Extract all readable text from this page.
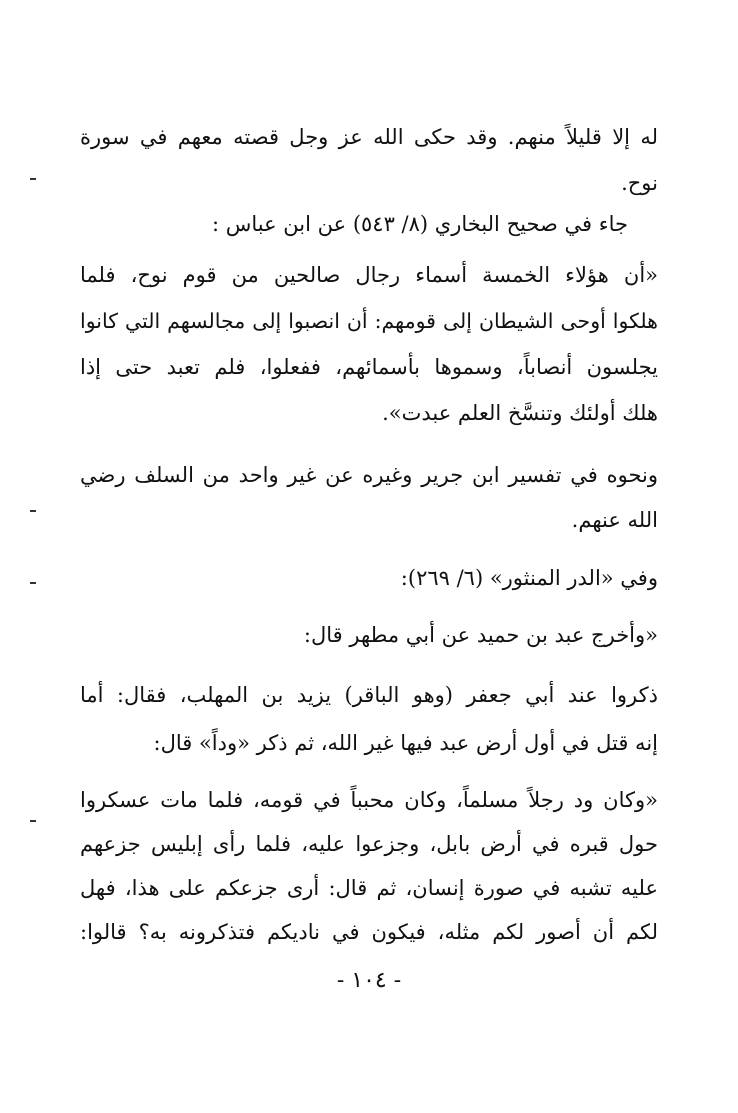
له إلا قليلاً منهم. وقد حكى الله عز وجل قصته معهم في سورة
نوح.
جاء في صحيح البخاري (٨/ ٥٤٣) عن ابن عباس :
«أن هؤلاء الخمسة أسماء رجال صالحين من قوم نوح، فلما
هلكوا أوحى الشيطان إلى قومهم: أن انصبوا إلى مجالسهم التي كانوا
يجلسون أنصاباً، وسموها بأسمائهم، ففعلوا، فلم تعبد حتى إذا
هلك أولئك وتنسَّخ العلم عبدت».
ونحوه في تفسير ابن جرير وغيره عن غير واحد من السلف رضي
الله عنهم.
وفي «الدر المنثور» (٦/ ٢٦٩):
«وأخرج عبد بن حميد عن أبي مطهر قال:
ذكروا عند أبي جعفر (وهو الباقر) يزيد بن المهلب، فقال: أما
إنه قتل في أول أرض عبد فيها غير الله، ثم ذكر «وداً» قال:
«وكان ود رجلاً مسلماً، وكان محبباً في قومه، فلما مات عسكروا
حول قبره في أرض بابل، وجزعوا عليه، فلما رأى إبليس جزعهم
عليه تشبه في صورة إنسان، ثم قال: أرى جزعكم على هذا، فهل
لكم أن أصور لكم مثله، فيكون في ناديكم فتذكرونه به؟ قالوا:
- ١٠٤ -
